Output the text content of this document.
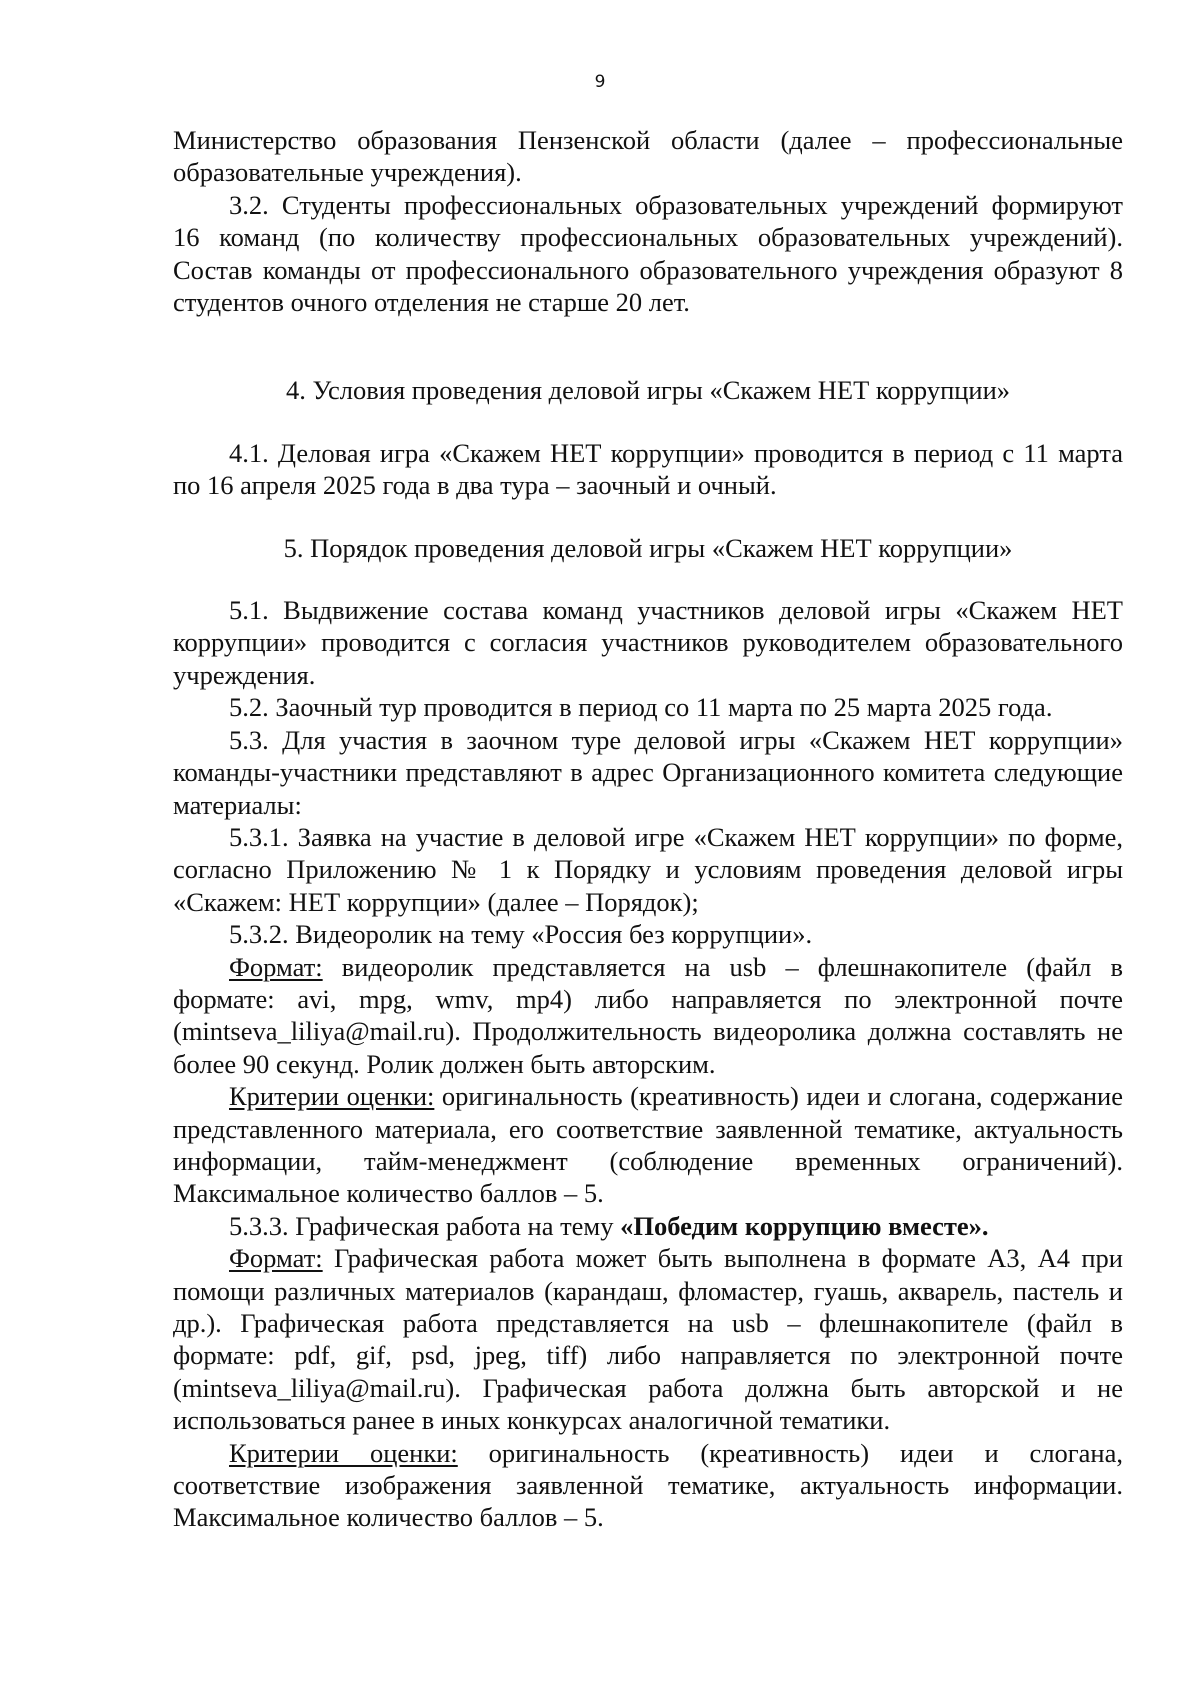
9

Министерство образования Пензенской области (далее – профессиональные образовательные учреждения).

3.2. Студенты профессиональных образовательных учреждений формируют 16 команд (по количеству профессиональных образовательных учреждений). Состав команды от профессионального образовательного учреждения образуют 8 студентов очного отделения не старше 20 лет.

4. Условия проведения деловой игры «Скажем НЕТ коррупции»

4.1. Деловая игра «Скажем НЕТ коррупции» проводится в период с 11 марта по 16 апреля 2025 года в два тура – заочный и очный.

5. Порядок проведения деловой игры «Скажем НЕТ коррупции»

5.1. Выдвижение состава команд участников деловой игры «Скажем НЕТ коррупции» проводится с согласия участников руководителем образовательного учреждения.

5.2. Заочный тур проводится в период со 11 марта по 25 марта 2025 года.

5.3. Для участия в заочном туре деловой игры «Скажем НЕТ коррупции» команды-участники представляют в адрес Организационного комитета следующие материалы:

5.3.1. Заявка на участие в деловой игре «Скажем НЕТ коррупции» по форме, согласно Приложению № 1 к Порядку и условиям проведения деловой игры «Скажем: НЕТ коррупции» (далее – Порядок);

5.3.2. Видеоролик на тему «Россия без коррупции».

Формат: видеоролик представляется на usb – флешнакопителе (файл в формате: avi, mpg, wmv, mp4) либо направляется по электронной почте (mintseva_liliya@mail.ru). Продолжительность видеоролика должна составлять не более 90 секунд. Ролик должен быть авторским.

Критерии оценки: оригинальность (креативность) идеи и слогана, содержание представленного материала, его соответствие заявленной тематике, актуальность информации, тайм-менеджмент (соблюдение временных ограничений). Максимальное количество баллов – 5.

5.3.3. Графическая работа на тему «Победим коррупцию вместе».

Формат: Графическая работа может быть выполнена в формате А3, А4 при помощи различных материалов (карандаш, фломастер, гуашь, акварель, пастель и др.). Графическая работа представляется на usb – флешнакопителе (файл в формате: pdf, gif, psd, jpeg, tiff) либо направляется по электронной почте (mintseva_liliya@mail.ru). Графическая работа должна быть авторской и не использоваться ранее в иных конкурсах аналогичной тематики.

Критерии оценки: оригинальность (креативность) идеи и слогана, соответствие изображения заявленной тематике, актуальность информации. Максимальное количество баллов – 5.
